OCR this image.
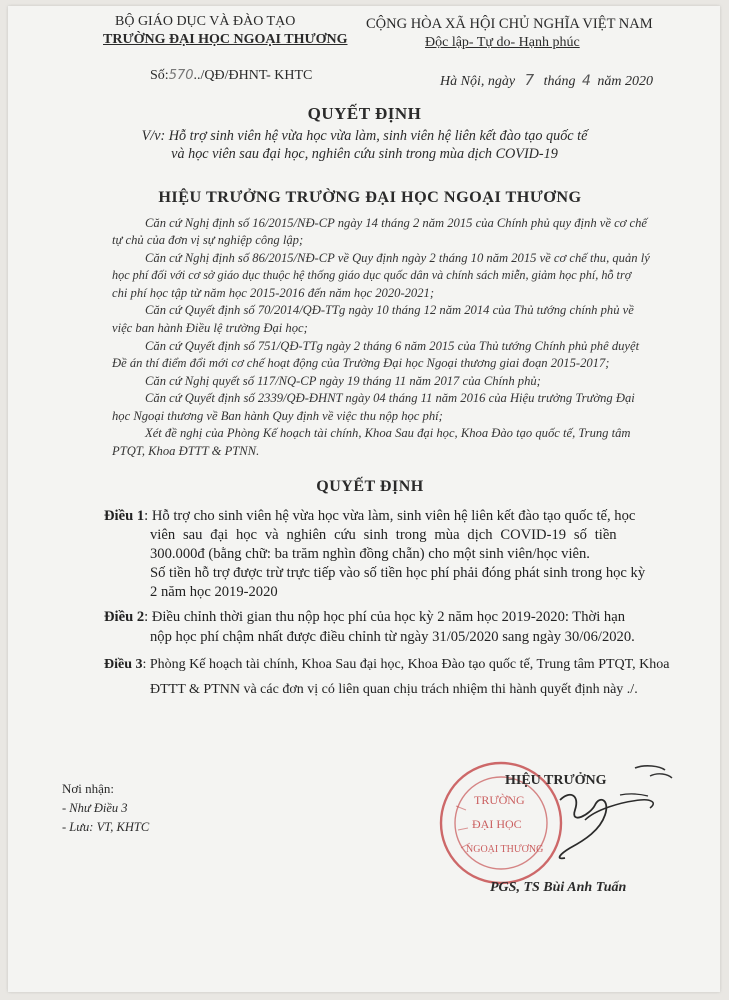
BỘ GIÁO DỤC VÀ ĐÀO TẠO
TRƯỜNG ĐẠI HỌC NGOẠI THƯƠNG
Số:570../QĐ/ĐHNT- KHTC
CỘNG HÒA XÃ HỘI CHỦ NGHĨA VIỆT NAM
Độc lập- Tự do- Hạnh phúc
Hà Nội, ngày 7 tháng 4 năm 2020
QUYẾT ĐỊNH
V/v: Hỗ trợ sinh viên hệ vừa học vừa làm, sinh viên hệ liên kết đào tạo quốc tế
và học viên sau đại học, nghiên cứu sinh trong mùa dịch COVID-19
HIỆU TRƯỞNG TRƯỜNG ĐẠI HỌC NGOẠI THƯƠNG
Căn cứ Nghị định số 16/2015/NĐ-CP ngày 14 tháng 2 năm 2015 của Chính phủ quy định về cơ chế
tự chủ của đơn vị sự nghiệp công lập;
Căn cứ Nghị định số 86/2015/NĐ-CP về Quy định ngày 2 tháng 10 năm 2015 về cơ chế thu, quản lý
học phí đối với cơ sở giáo dục thuộc hệ thống giáo dục quốc dân và chính sách miễn, giảm học phí, hỗ trợ
chi phí học tập từ năm học 2015-2016 đến năm học 2020-2021;
Căn cứ Quyết định số 70/2014/QĐ-TTg ngày 10 tháng 12 năm 2014 của Thủ tướng chính phủ về
việc ban hành Điều lệ trường Đại học;
Căn cứ Quyết định số 751/QĐ-TTg ngày 2 tháng 6 năm 2015 của Thủ tướng Chính phủ phê duyệt
Đề án thí điểm đổi mới cơ chế hoạt động của Trường Đại học Ngoại thương giai đoạn 2015-2017;
Căn cứ Nghị quyết số 117/NQ-CP ngày 19 tháng 11 năm 2017 của Chính phủ;
Căn cứ Quyết định số 2339/QĐ-ĐHNT ngày 04 tháng 11 năm 2016 của Hiệu trưởng Trường Đại
học Ngoại thương về Ban hành Quy định về việc thu nộp học phí;
Xét đề nghị của Phòng Kế hoạch tài chính, Khoa Sau đại học, Khoa Đào tạo quốc tế, Trung tâm
PTQT, Khoa ĐTTT & PTNN.
QUYẾT ĐỊNH
Điều 1: Hỗ trợ cho sinh viên hệ vừa học vừa làm, sinh viên hệ liên kết đào tạo quốc tế, học
viên sau đại học và nghiên cứu sinh trong mùa dịch COVID-19 số tiền
300.000đ (bằng chữ: ba trăm nghìn đồng chẵn) cho một sinh viên/học viên.
Số tiền hỗ trợ được trừ trực tiếp vào số tiền học phí phải đóng phát sinh trong học kỳ
2 năm học 2019-2020
Điều 2: Điều chỉnh thời gian thu nộp học phí của học kỳ 2 năm học 2019-2020: Thời hạn
nộp học phí chậm nhất được điều chỉnh từ ngày 31/05/2020 sang ngày 30/06/2020.
Điều 3: Phòng Kế hoạch tài chính, Khoa Sau đại học, Khoa Đào tạo quốc tế, Trung tâm PTQT, Khoa
ĐTTT & PTNN và các đơn vị có liên quan chịu trách nhiệm thi hành quyết định này ./.
Nơi nhận:
- Như Điều 3
- Lưu: VT, KHTC
TRƯỜNG
ĐẠI HỌC
NGOẠI THƯƠNG
HIỆU TRƯỞNG
PGS, TS Bùi Anh Tuấn
